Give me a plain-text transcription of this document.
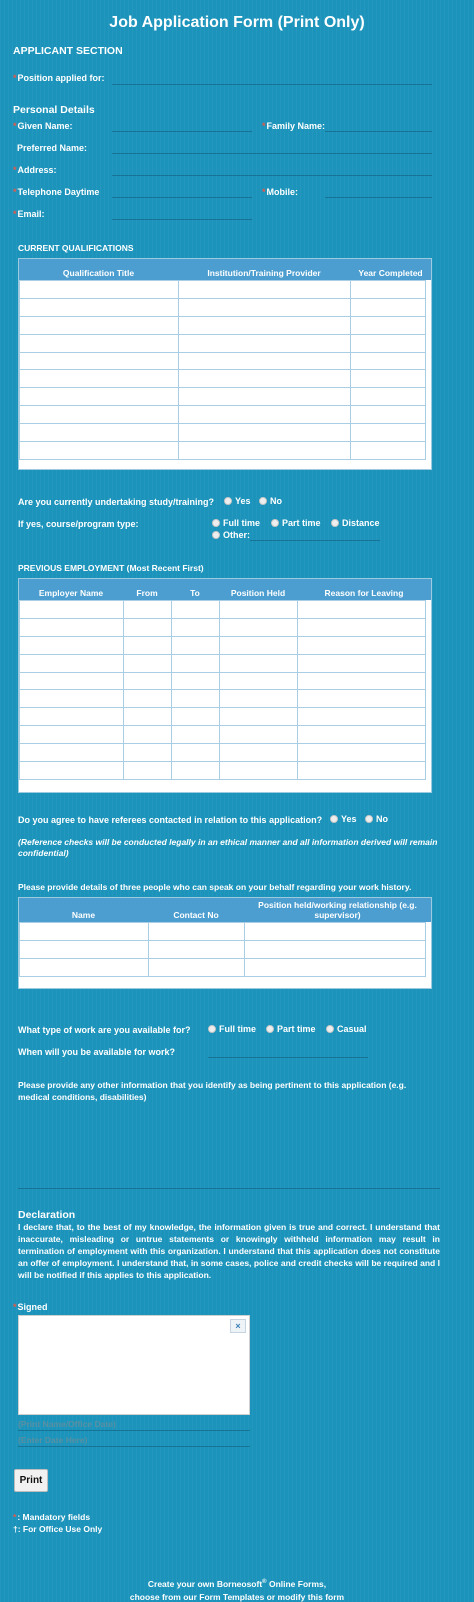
Job Application Form (Print Only)
APPLICANT SECTION
*Position applied for:
Personal Details
*Given Name:	*Family Name:
Preferred Name:
*Address:
*Telephone Daytime	*Mobile:
*Email:
CURRENT QUALIFICATIONS
Qualification Title	Institution/Training Provider	Year Completed

Are you currently undertaking study/training?	Yes	No
If yes, course/program type:	Full time	Part time	Distance
Other:
PREVIOUS EMPLOYMENT (Most Recent First)
Employer Name	From	To	Position Held	Reason for Leaving

Do you agree to have referees contacted in relation to this application?	Yes	No
(Reference checks will be conducted legally in an ethical manner and all information derived will remain confidential)
Please provide details of three people who can speak on your behalf regarding your work history.
Name	Contact No
Position held/working relationship (e.g. supervisor)

What type of work are you available for?	Full time	Part time	Casual
When will you be available for work?
Please provide any other information that you identify as being pertinent to this application (e.g. medical conditions, disabilities)
Declaration
I declare that, to the best of my knowledge, the information given is true and correct. I understand that inaccurate, misleading or untrue statements or knowingly withheld information may result in termination of employment with this organization. I understand that this application does not constitute an offer of employment. I understand that, in some cases, police and credit checks will be required and I will be notified if this applies to this application.
*Signed
×
(Print Name/Office Date)
(Enter Date Here)
Print
*: Mandatory fields
†: For Office Use Only
Create your own Borneosoft® Online Forms,
choose from our Form Templates or modify this form
